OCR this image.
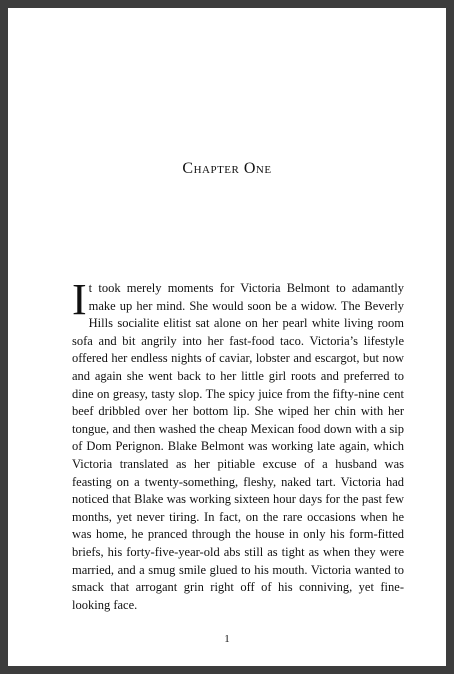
Chapter One
It took merely moments for Victoria Belmont to adamantly make up her mind. She would soon be a widow. The Beverly Hills socialite elitist sat alone on her pearl white living room sofa and bit angrily into her fast-food taco. Victoria’s lifestyle offered her endless nights of caviar, lobster and escargot, but now and again she went back to her little girl roots and preferred to dine on greasy, tasty slop. The spicy juice from the fifty-nine cent beef dribbled over her bottom lip. She wiped her chin with her tongue, and then washed the cheap Mexican food down with a sip of Dom Perignon. Blake Belmont was working late again, which Victoria translated as her pitiable excuse of a husband was feasting on a twenty-something, fleshy, naked tart. Victoria had noticed that Blake was working sixteen hour days for the past few months, yet never tiring. In fact, on the rare occasions when he was home, he pranced through the house in only his form-fitted briefs, his forty-five-year-old abs still as tight as when they were married, and a smug smile glued to his mouth. Victoria wanted to smack that arrogant grin right off of his conniving, yet fine-looking face.
1
